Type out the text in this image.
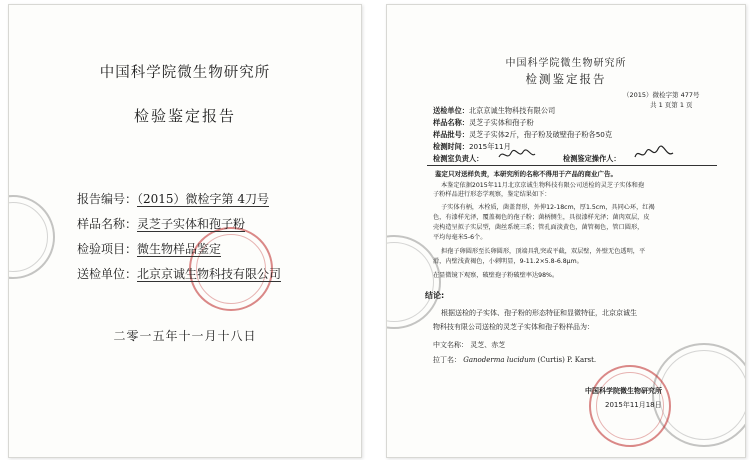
中国科学院微生物研究所
检验鉴定报告
报告编号：（2015）微检字第 4刀号
样品名称：灵芝子实体和孢子粉
检验项目：微生物样品鉴定
送检单位：北京京诚生物科技有限公司
二零一五年十一月十八日
中国科学院微生物研究所
检测鉴定报告
（2015）微检字第 477号
共 1 页第 1 页
送检单位：北京京诚生物科技有限公司
样品名称：灵芝子实体和孢子粉
样品批号：灵芝子实体2斤，孢子粉及破壁孢子粉各50克
检测时间：2015年11月
检测室负责人：	检测鉴定操作人：
鉴定只对送样负责，本研究所的名称不得用于产品的商业广告。
本鉴定依据2015年11月北京京诚生物科技有限公司送检的灵芝子实体和孢
子粉样品进行形态学观察，鉴定结果如下：
子实体有柄，木栓质，菌盖肾形，外伸12-18cm，厚1.5cm，具同心环，红褐
色，有漆样光泽，覆盖褐色的孢子粉；菌柄侧生，具很漆样光泽；菌肉双层，皮
壳构造呈拟子实层型，菌丝系统三系；管孔面淡黄色，菌管褐色，管口圆形，
平均每毫米5-6个。
担孢子卵圆形至长卵圆形，顶端具乳突或平截，双层壁，外壁无色透明，平
滑，内壁浅黄褐色，小刺明显，9-11.2×5.8-6.8μm。
在显微镜下观察，破壁孢子粉破壁率达98%。
结论:
根据送检的子实体、孢子粉的形态特征和显微特征，北京京诚生
物科技有限公司送检的灵芝子实体和孢子粉样品为：
中文名称： 灵芝、赤芝
拉丁名： Ganoderma lucidum (Curtis) P. Karst.
中国科学院微生物研究所
2015年11月18日
